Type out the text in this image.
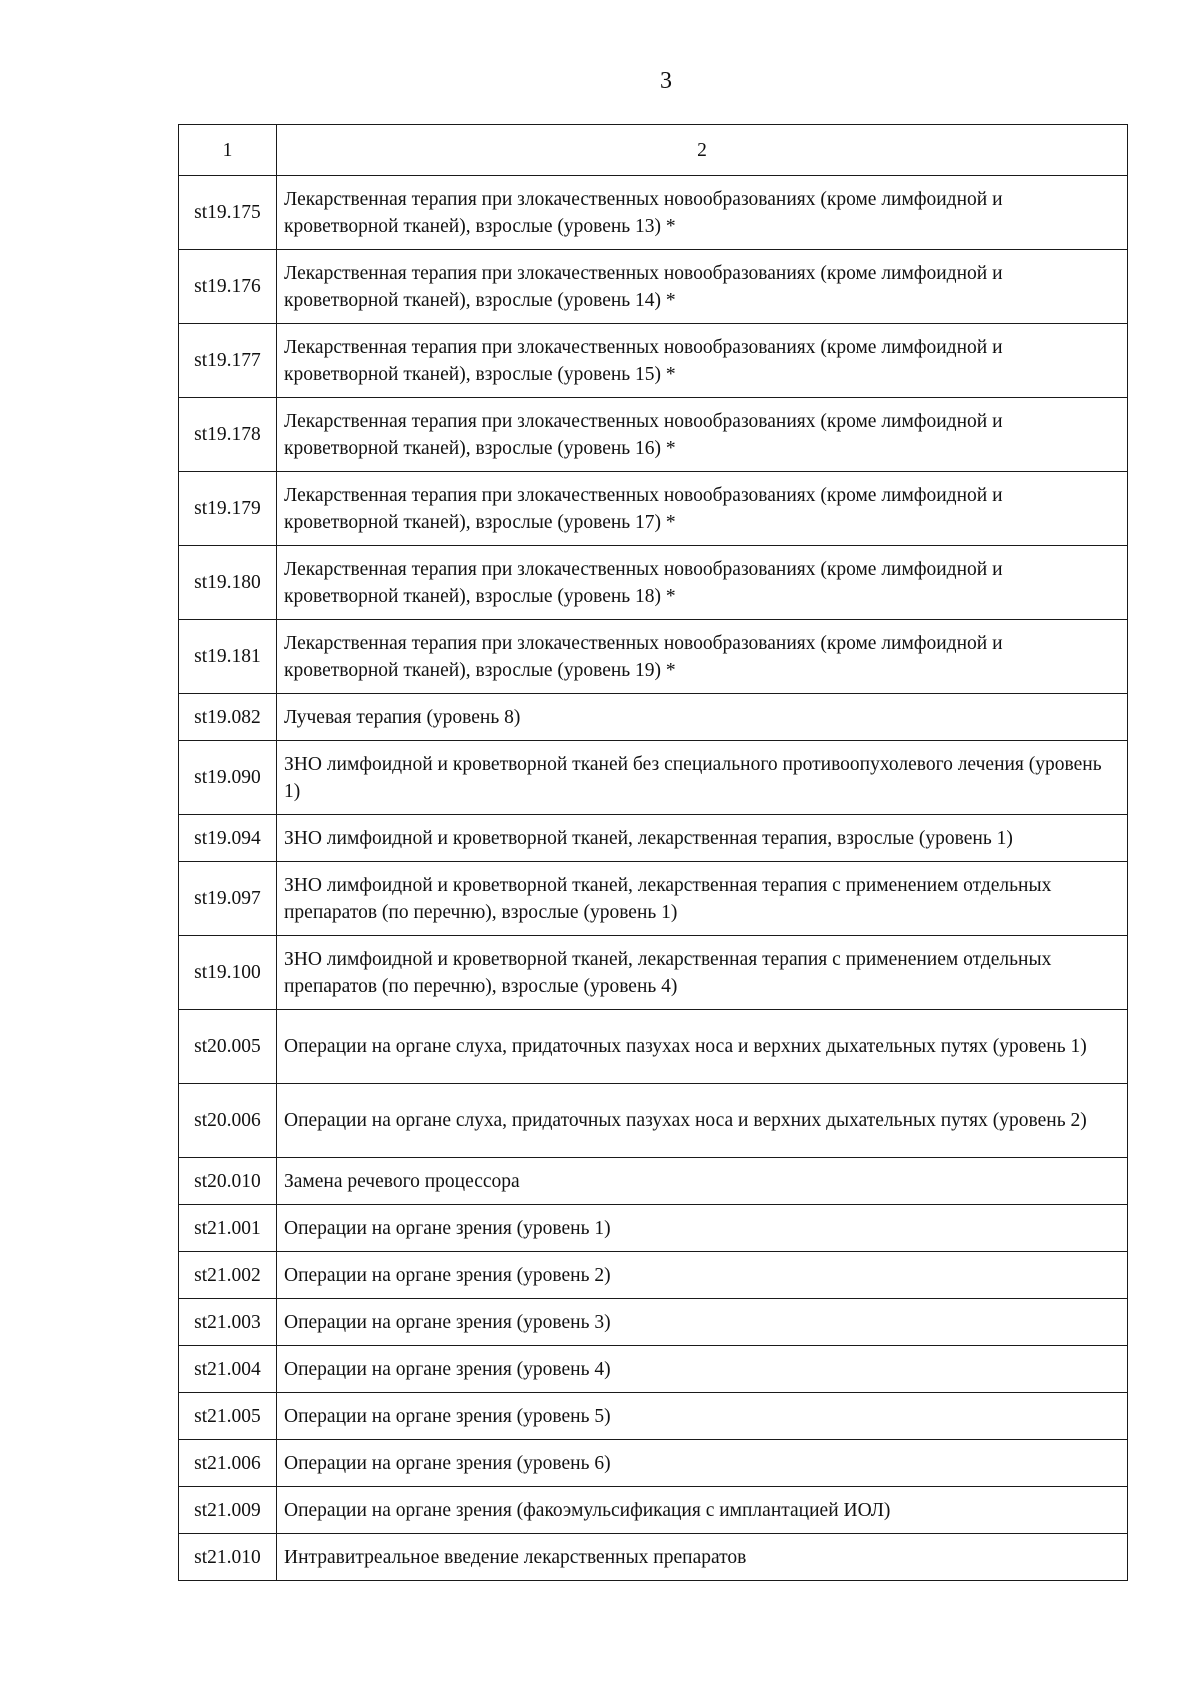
3
1	2
st19.175	Лекарственная терапия при злокачественных новообразованиях (кроме лимфоидной и кроветворной тканей), взрослые (уровень 13) *
st19.176	Лекарственная терапия при злокачественных новообразованиях (кроме лимфоидной и кроветворной тканей), взрослые (уровень 14) *
st19.177	Лекарственная терапия при злокачественных новообразованиях (кроме лимфоидной и кроветворной тканей), взрослые (уровень 15) *
st19.178	Лекарственная терапия при злокачественных новообразованиях (кроме лимфоидной и кроветворной тканей), взрослые (уровень 16) *
st19.179	Лекарственная терапия при злокачественных новообразованиях (кроме лимфоидной и кроветворной тканей), взрослые (уровень 17) *
st19.180	Лекарственная терапия при злокачественных новообразованиях (кроме лимфоидной и кроветворной тканей), взрослые (уровень 18) *
st19.181	Лекарственная терапия при злокачественных новообразованиях (кроме лимфоидной и кроветворной тканей), взрослые (уровень 19) *
st19.082	Лучевая терапия (уровень 8)
st19.090	ЗНО лимфоидной и кроветворной тканей без специального противоопухолевого лечения (уровень 1)
st19.094	ЗНО лимфоидной и кроветворной тканей, лекарственная терапия, взрослые (уровень 1)
st19.097	ЗНО лимфоидной и кроветворной тканей, лекарственная терапия с применением отдельных препаратов (по перечню), взрослые (уровень 1)
st19.100	ЗНО лимфоидной и кроветворной тканей, лекарственная терапия с применением отдельных препаратов (по перечню), взрослые (уровень 4)
st20.005	Операции на органе слуха, придаточных пазухах носа и верхних дыхательных путях (уровень 1)
st20.006	Операции на органе слуха, придаточных пазухах носа и верхних дыхательных путях (уровень 2)
st20.010	Замена речевого процессора
st21.001	Операции на органе зрения (уровень 1)
st21.002	Операции на органе зрения (уровень 2)
st21.003	Операции на органе зрения (уровень 3)
st21.004	Операции на органе зрения (уровень 4)
st21.005	Операции на органе зрения (уровень 5)
st21.006	Операции на органе зрения (уровень 6)
st21.009	Операции на органе зрения (факоэмульсификация с имплантацией ИОЛ)
st21.010	Интравитреальное введение лекарственных препаратов
